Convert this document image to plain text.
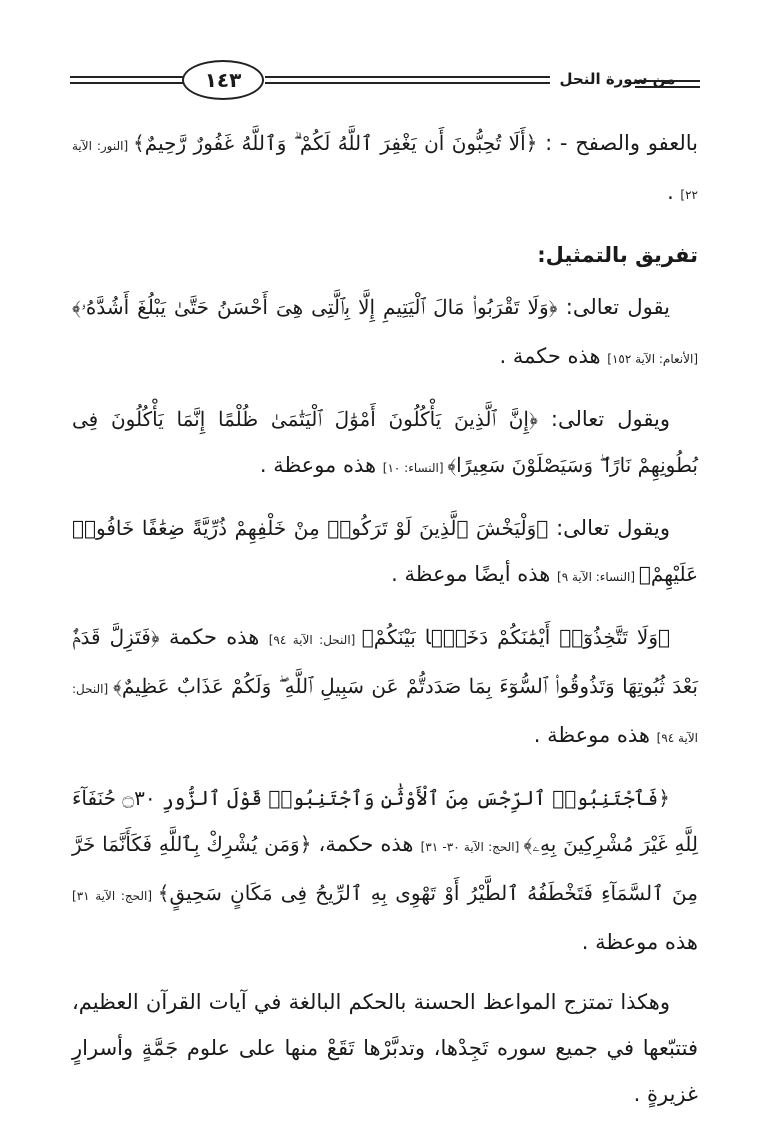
١٤٣	من سورة النحل

بالعفو والصفح - : ﴿أَلَا تُحِبُّونَ أَن يَغْفِرَ ٱللَّهُ لَكُمْ ۗ وَٱللَّهُ غَفُورٌ رَّحِيمٌ﴾ [النور: الآية ٢٢] .

تفريق بالتمثيل:

يقول تعالى: ﴿وَلَا تَقْرَبُوا۟ مَالَ ٱلْيَتِيمِ إِلَّا بِٱلَّتِى هِىَ أَحْسَنُ حَتَّىٰ يَبْلُغَ أَشُدَّهُۥ﴾ [الأنعام: الآية ١٥٢] هذه حكمة .

ويقول تعالى: ﴿إِنَّ ٱلَّذِينَ يَأْكُلُونَ أَمْوَٰلَ ٱلْيَتَٰمَىٰ ظُلْمًا إِنَّمَا يَأْكُلُونَ فِى بُطُونِهِمْ نَارًا ۖ وَسَيَصْلَوْنَ سَعِيرًا﴾ [النساء: ١٠] هذه موعظة .

ويقول تعالى: ﴿وَلْيَخْشَ ٱلَّذِينَ لَوْ تَرَكُوا۟ مِنْ خَلْفِهِمْ ذُرِّيَّةً ضِعَٰفًا خَافُوا۟ عَلَيْهِمْ﴾ [النساء: الآية ٩] هذه أيضًا موعظة .

﴿وَلَا تَتَّخِذُوٓا۟ أَيْمَٰنَكُمْ دَخَلًۢا بَيْنَكُمْ﴾ [النحل: الآية ٩٤] هذه حكمة ﴿فَتَزِلَّ قَدَمٌۢ بَعْدَ ثُبُوتِهَا وَتَذُوقُوا۟ ٱلسُّوٓءَ بِمَا صَدَدتُّمْ عَن سَبِيلِ ٱللَّهِ ۖ وَلَكُمْ عَذَابٌ عَظِيمٌ﴾ [النحل: الآية ٩٤] هذه موعظة .

﴿فَٱجْتَنِبُوا۟ ٱلرِّجْسَ مِنَ ٱلْأَوْثَٰنِ وَٱجْتَنِبُوا۟ قَوْلَ ٱلزُّورِ ۝٣٠ حُنَفَآءَ لِلَّهِ غَيْرَ مُشْرِكِينَ بِهِۦ﴾ [الحج: الآية ٣٠- ٣١] هذه حكمة، ﴿وَمَن يُشْرِكْ بِٱللَّهِ فَكَأَنَّمَا خَرَّ مِنَ ٱلسَّمَآءِ فَتَخْطَفُهُ ٱلطَّيْرُ أَوْ تَهْوِى بِهِ ٱلرِّيحُ فِى مَكَانٍ سَحِيقٍ﴾ [الحج: الآية ٣١] هذه موعظة .

وهكذا تمتزج المواعظ الحسنة بالحكم البالغة في آيات القرآن العظيم، فتتبّعها في جميع سوره تَجِدْها، وتدبَّرْها تَقَعْ منها على علوم جَمَّةٍ وأسرارٍ غزيرةٍ .
